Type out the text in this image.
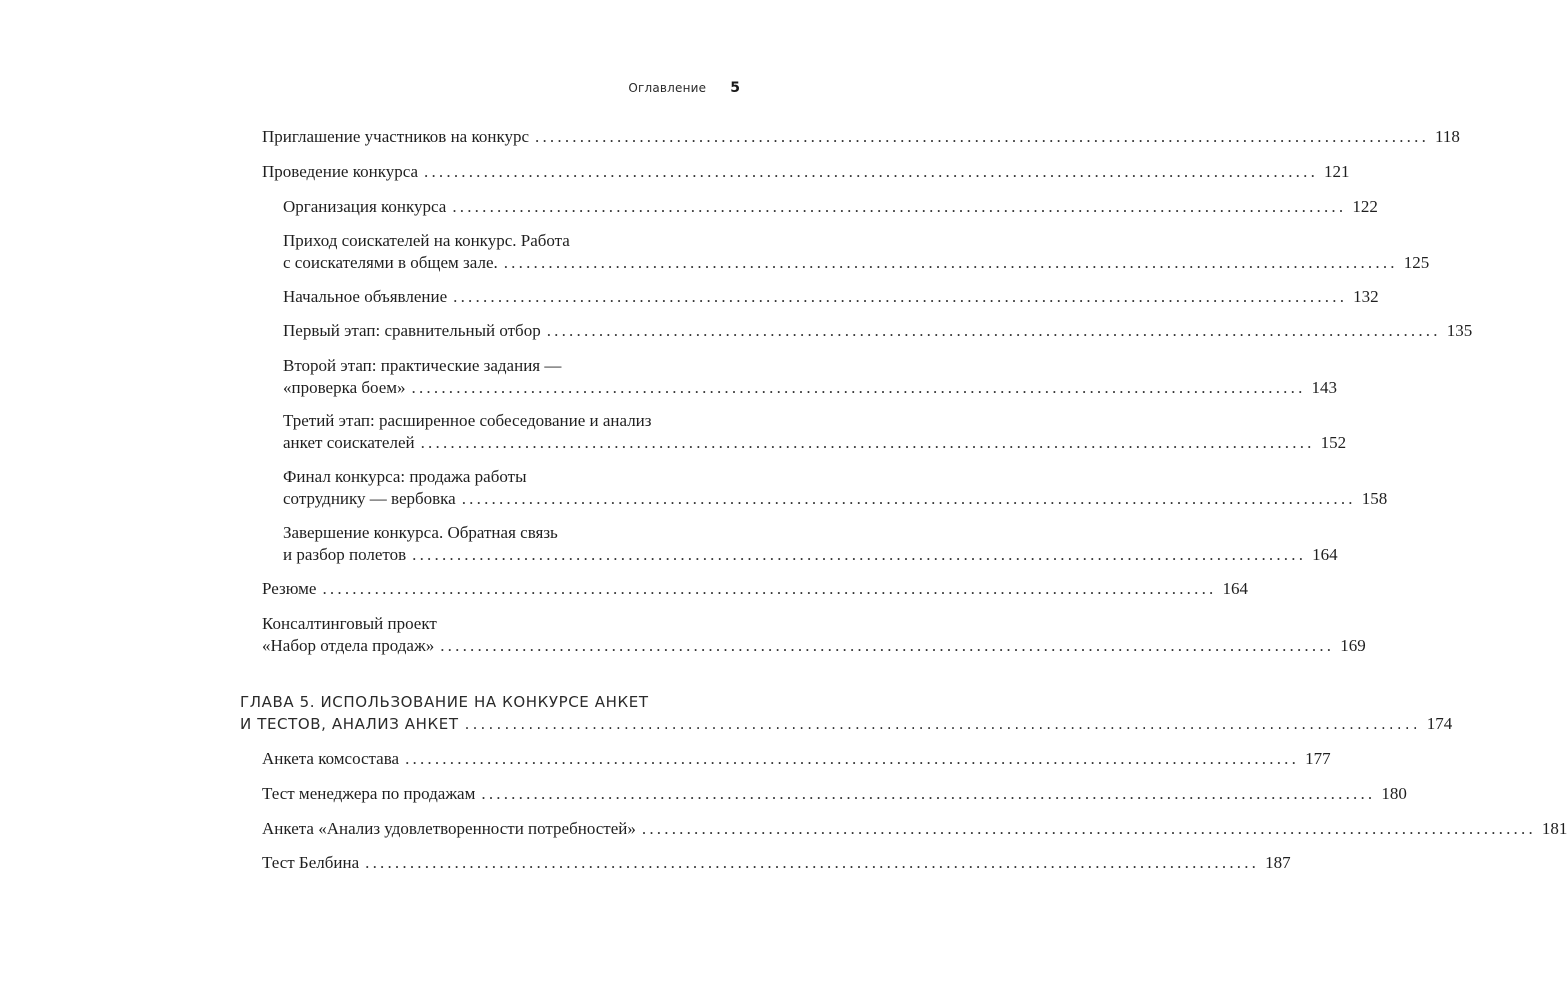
Оглавление 5
Приглашение участников на конкурс ........................................................................................................................ 118
Проведение конкурса ........................................................................................................................ 121
Организация конкурса ........................................................................................................................ 122
Приход соискателей на конкурс. Работа
с соискателями в общем зале. ........................................................................................................................ 125
Начальное объявление ........................................................................................................................ 132
Первый этап: сравнительный отбор ........................................................................................................................ 135
Второй этап: практические задания —
«проверка боем» ........................................................................................................................ 143
Третий этап: расширенное собеседование и анализ
анкет соискателей ........................................................................................................................ 152
Финал конкурса: продажа работы
сотруднику — вербовка ........................................................................................................................ 158
Завершение конкурса. Обратная связь
и разбор полетов ........................................................................................................................ 164
Резюме ........................................................................................................................ 164
Консалтинговый проект
«Набор отдела продаж» ........................................................................................................................ 169
ГЛАВА 5. ИСПОЛЬЗОВАНИЕ НА КОНКУРСЕ АНКЕТ
И ТЕСТОВ, АНАЛИЗ АНКЕТ ........................................................................................................................ 174
Анкета комсостава ........................................................................................................................ 177
Тест менеджера по продажам ........................................................................................................................ 180
Анкета «Анализ удовлетворенности потребностей» ........................................................................................................................ 181
Тест Белбина ........................................................................................................................ 187
